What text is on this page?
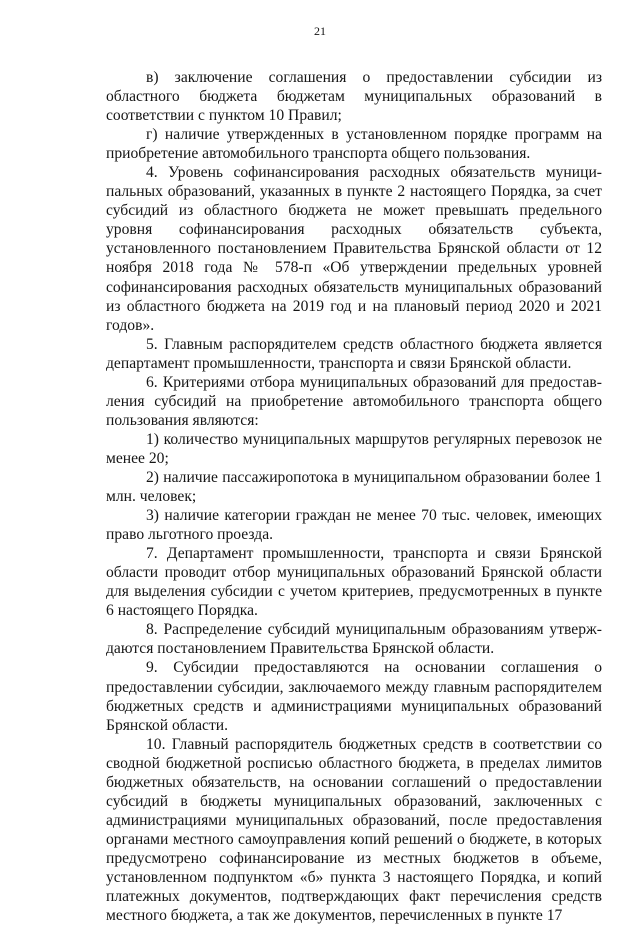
21

в) заключение соглашения о предоставлении субсидии из областного бюджета бюджетам муниципальных образований в соответствии с пунктом 10 Правил;

г) наличие утвержденных в установленном порядке программ на приобретение автомобильного транспорта общего пользования.

4. Уровень софинансирования расходных обязательств муниципальных образований, указанных в пункте 2 настоящего Порядка, за счет субсидий из областного бюджета не может превышать предельного уровня софинансирования расходных обязательств субъекта, установленного постановлением Правительства Брянской области от 12 ноября 2018 года № 578-п «Об утверждении предельных уровней софинансирования расходных обязательств муниципальных образований из областного бюджета на 2019 год и на плановый период 2020 и 2021 годов».

5. Главным распорядителем средств областного бюджета является департамент промышленности, транспорта и связи Брянской области.

6. Критериями отбора муниципальных образований для предоставления субсидий на приобретение автомобильного транспорта общего пользования являются:

1) количество муниципальных маршрутов регулярных перевозок не менее 20;

2) наличие пассажиропотока в муниципальном образовании более 1 млн. человек;

3) наличие категории граждан не менее 70 тыс. человек, имеющих право льготного проезда.

7. Департамент промышленности, транспорта и связи Брянской области проводит отбор муниципальных образований Брянской области для выделения субсидии с учетом критериев, предусмотренных в пункте 6 настоящего Порядка.

8. Распределение субсидий муниципальным образованиям утверждаются постановлением Правительства Брянской области.

9. Субсидии предоставляются на основании соглашения о предоставлении субсидии, заключаемого между главным распорядителем бюджетных средств и администрациями муниципальных образований Брянской области.

10. Главный распорядитель бюджетных средств в соответствии со сводной бюджетной росписью областного бюджета, в пределах лимитов бюджетных обязательств, на основании соглашений о предоставлении субсидий в бюджеты муниципальных образований, заключенных с администрациями муниципальных образований, после предоставления органами местного самоуправления копий решений о бюджете, в которых предусмотрено софинансирование из местных бюджетов в объеме, установленном подпунктом «б» пункта 3 настоящего Порядка, и копий платежных документов, подтверждающих факт перечисления средств местного бюджета, а так же документов, перечисленных в пункте 17
